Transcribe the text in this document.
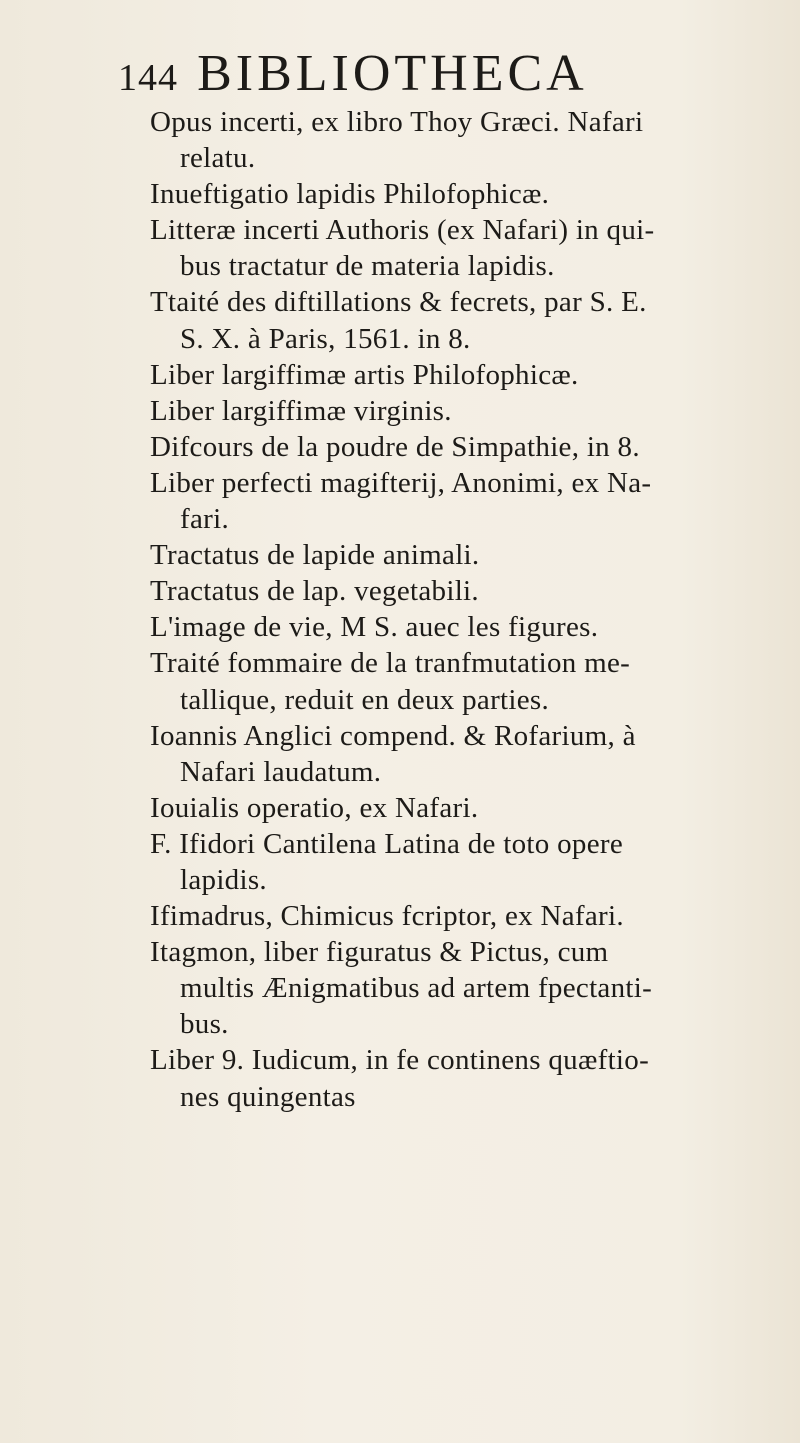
144 BIBLIOTHECA
Opus incerti, ex libro Thoy Græci. Nafari
relatu.
Inueftigatio lapidis Philofophicæ.
Litteræ incerti Authoris (ex Nafari) in qui-
bus tractatur de materia lapidis.
Ttaité des diftillations & fecrets, par S. E.
S. X. à Paris, 1561. in 8.
Liber largiffimæ artis Philofophicæ.
Liber largiffimæ virginis.
Difcours de la poudre de Simpathie, in 8.
Liber perfecti magifterij, Anonimi, ex Na-
fari.
Tractatus de lapide animali.
Tractatus de lap. vegetabili.
L'image de vie, M S. auec les figures.
Traité fommaire de la tranfmutation me-
tallique, reduit en deux parties.
Ioannis Anglici compend. & Rofarium, à
Nafari laudatum.
Iouialis operatio, ex Nafari.
F. Ifidori Cantilena Latina de toto opere
lapidis.
Ifimadrus, Chimicus fcriptor, ex Nafari.
Itagmon, liber figuratus & Pictus, cum
multis Ænigmatibus ad artem fpectanti-
bus.
Liber 9. Iudicum, in fe continens quæftio-
nes quingentas
